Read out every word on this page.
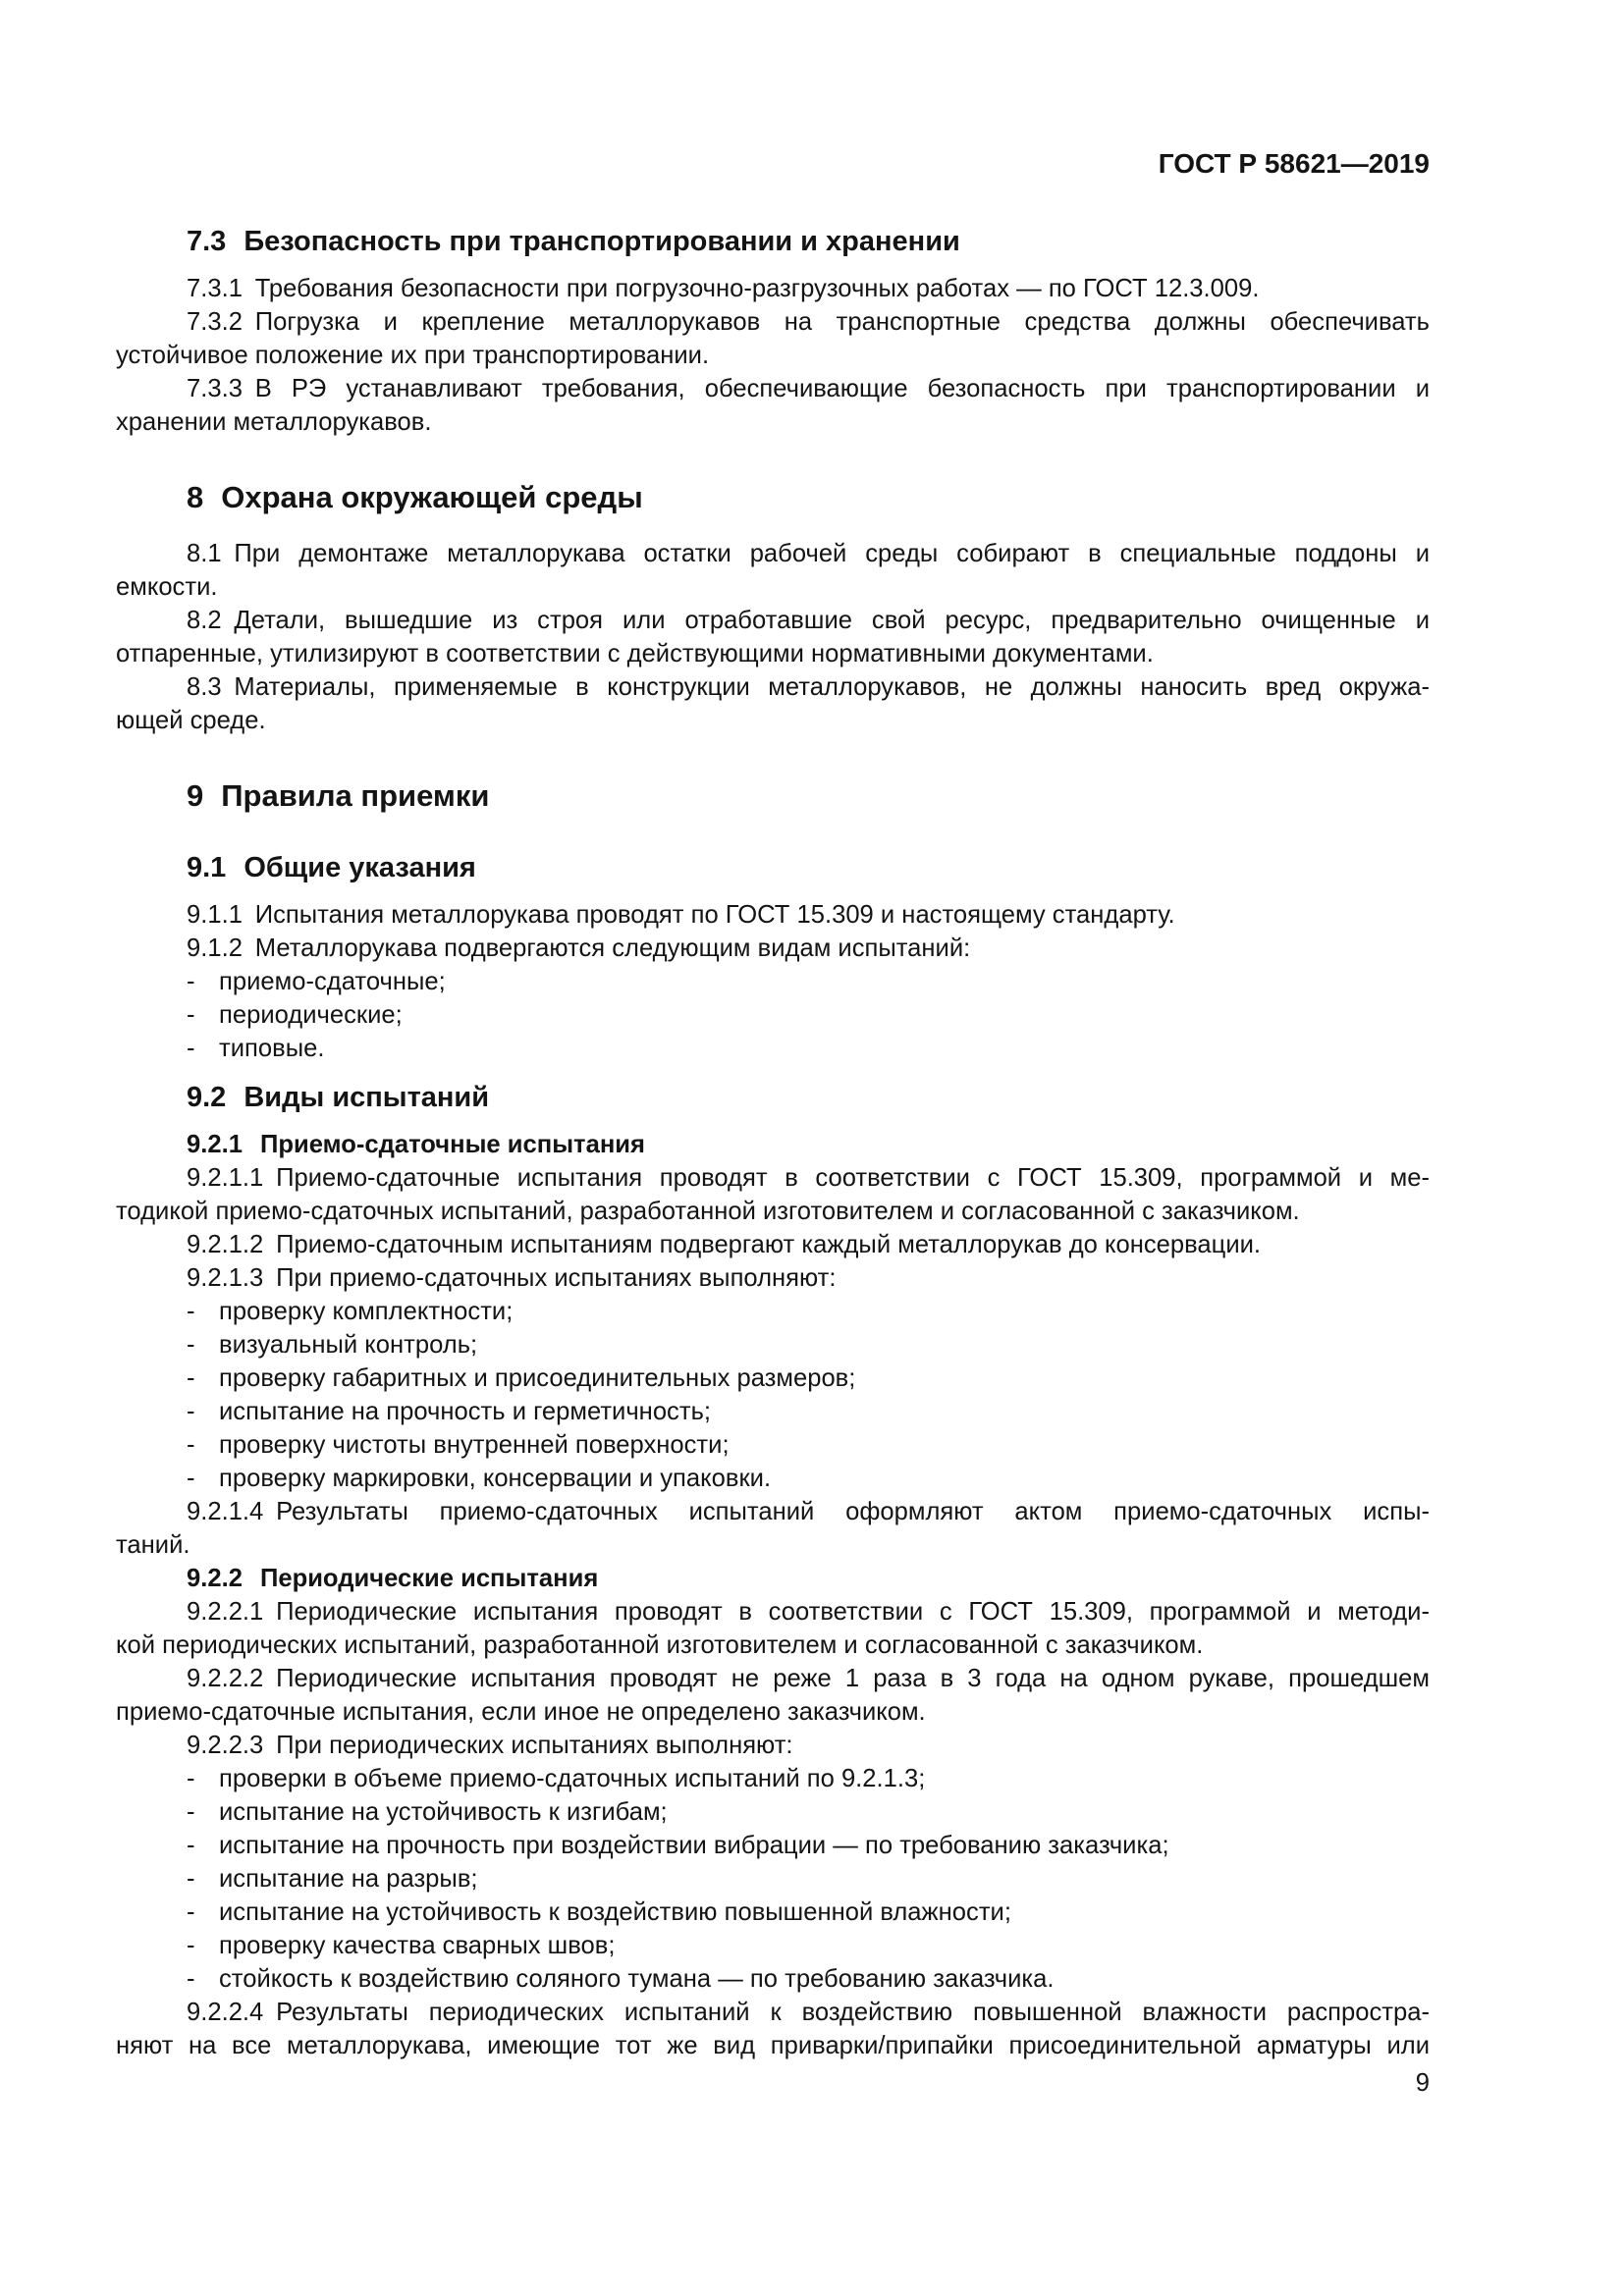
ГОСТ Р 58621—2019
7.3 Безопасность при транспортировании и хранении
7.3.1 Требования безопасности при погрузочно-разгрузочных работах — по ГОСТ 12.3.009.
7.3.2 Погрузка и крепление металлорукавов на транспортные средства должны обеспечивать
устойчивое положение их при транспортировании.
7.3.3 В РЭ устанавливают требования, обеспечивающие безопасность при транспортировании и
хранении металлорукавов.
8 Охрана окружающей среды
8.1 При демонтаже металлорукава остатки рабочей среды собирают в специальные поддоны и
емкости.
8.2 Детали, вышедшие из строя или отработавшие свой ресурс, предварительно очищенные и
отпаренные, утилизируют в соответствии с действующими нормативными документами.
8.3 Материалы, применяемые в конструкции металлорукавов, не должны наносить вред окружа-
ющей среде.
9 Правила приемки
9.1 Общие указания
9.1.1 Испытания металлорукава проводят по ГОСТ 15.309 и настоящему стандарту.
9.1.2 Металлорукава подвергаются следующим видам испытаний:
- приемо-сдаточные;
- периодические;
- типовые.
9.2 Виды испытаний
9.2.1 Приемо-сдаточные испытания
9.2.1.1 Приемо-сдаточные испытания проводят в соответствии с ГОСТ 15.309, программой и ме-
тодикой приемо-сдаточных испытаний, разработанной изготовителем и согласованной с заказчиком.
9.2.1.2 Приемо-сдаточным испытаниям подвергают каждый металлорукав до консервации.
9.2.1.3 При приемо-сдаточных испытаниях выполняют:
- проверку комплектности;
- визуальный контроль;
- проверку габаритных и присоединительных размеров;
- испытание на прочность и герметичность;
- проверку чистоты внутренней поверхности;
- проверку маркировки, консервации и упаковки.
9.2.1.4 Результаты приемо-сдаточных испытаний оформляют актом приемо-сдаточных испы-
таний.
9.2.2 Периодические испытания
9.2.2.1 Периодические испытания проводят в соответствии с ГОСТ 15.309, программой и методи-
кой периодических испытаний, разработанной изготовителем и согласованной с заказчиком.
9.2.2.2 Периодические испытания проводят не реже 1 раза в 3 года на одном рукаве, прошедшем
приемо-сдаточные испытания, если иное не определено заказчиком.
9.2.2.3 При периодических испытаниях выполняют:
- проверки в объеме приемо-сдаточных испытаний по 9.2.1.3;
- испытание на устойчивость к изгибам;
- испытание на прочность при воздействии вибрации — по требованию заказчика;
- испытание на разрыв;
- испытание на устойчивость к воздействию повышенной влажности;
- проверку качества сварных швов;
- стойкость к воздействию соляного тумана — по требованию заказчика.
9.2.2.4 Результаты периодических испытаний к воздействию повышенной влажности распростра-
няют на все металлорукава, имеющие тот же вид приварки/припайки присоединительной арматуры или
9
